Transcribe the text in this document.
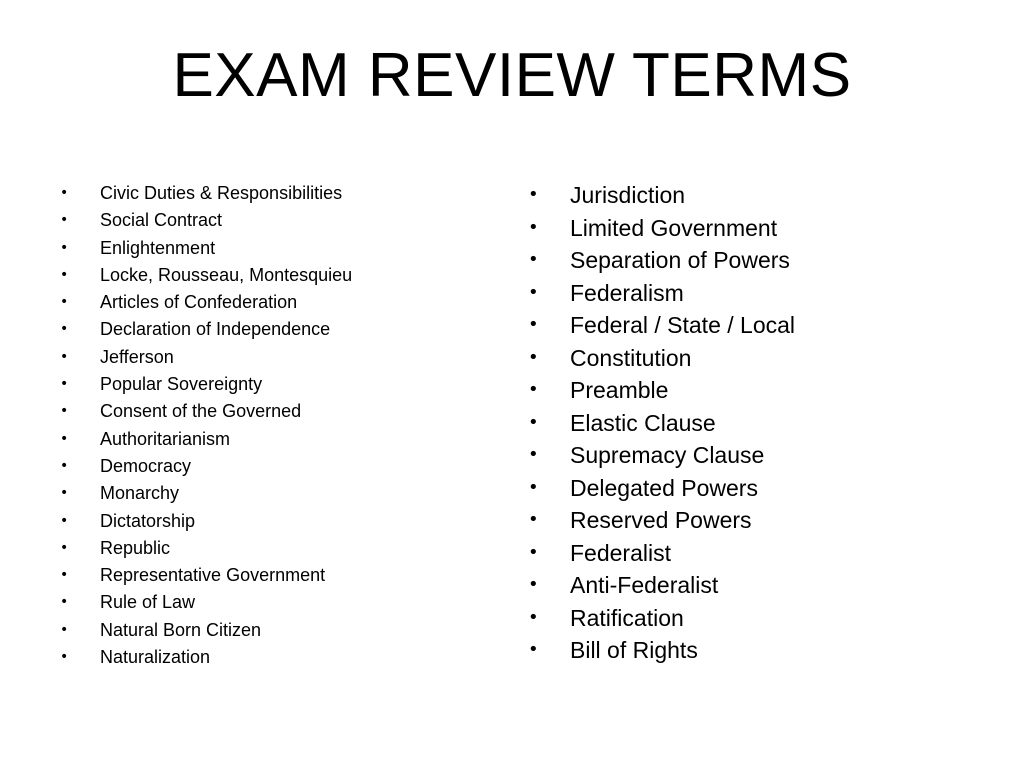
EXAM REVIEW TERMS
• Civic Duties & Responsibilities
• Social Contract
• Enlightenment
• Locke, Rousseau, Montesquieu
• Articles of Confederation
• Declaration of Independence
• Jefferson
• Popular Sovereignty
• Consent of the Governed
• Authoritarianism
• Democracy
• Monarchy
• Dictatorship
• Republic
• Representative Government
• Rule of Law
• Natural Born Citizen
• Naturalization
• Jurisdiction
• Limited Government
• Separation of Powers
• Federalism
• Federal / State / Local
• Constitution
• Preamble
• Elastic Clause
• Supremacy Clause
• Delegated Powers
• Reserved Powers
• Federalist
• Anti-Federalist
• Ratification
• Bill of Rights
